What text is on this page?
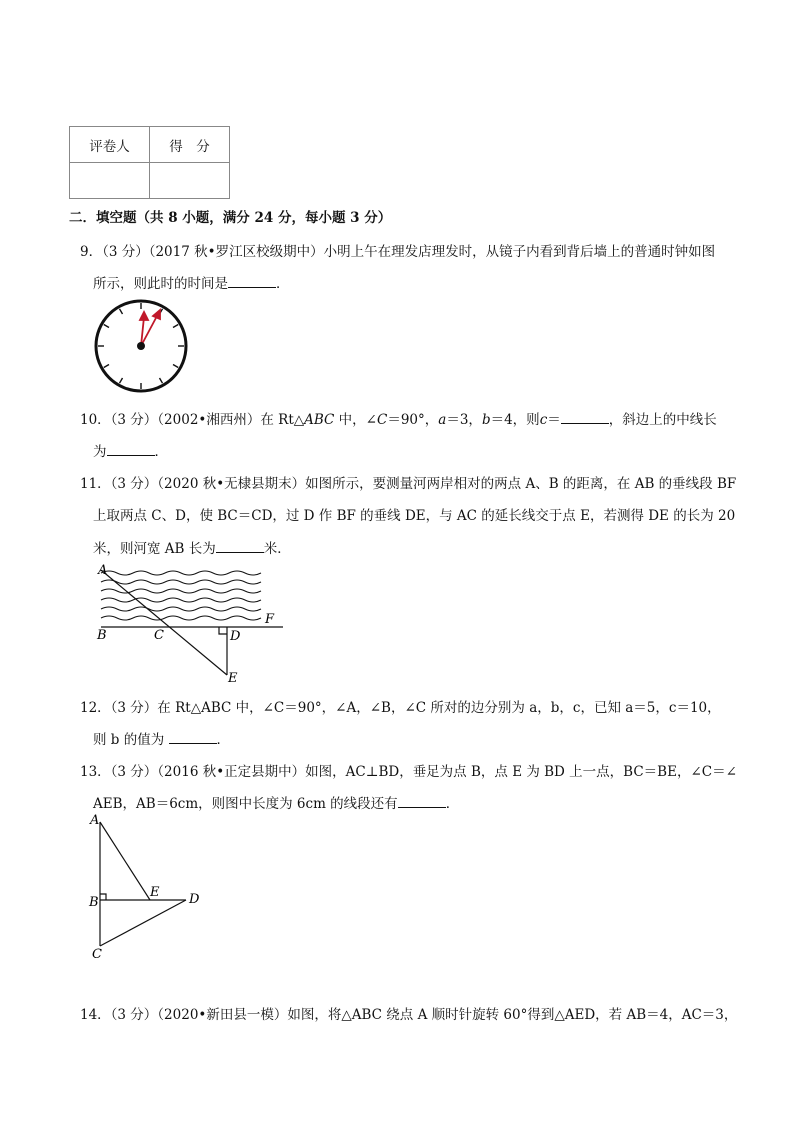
评卷人	得　分

二．填空题（共 8 小题，满分 24 分，每小题 3 分）
9．（3 分）（2017 秋•罗江区校级期中）小明上午在理发店理发时，从镜子内看到背后墙上的普通时钟如图
所示，则此时的时间是	．
10．（3 分）（2002•湘西州）在 Rt△ABC 中，∠C＝90°，a＝3，b＝4，则c＝	，斜边上的中线长
为	．
11．（3 分）（2020 秋•无棣县期末）如图所示，要测量河两岸相对的两点 A、B 的距离，在 AB 的垂线段 BF
上取两点 C、D，使 BC＝CD，过 D 作 BF 的垂线 DE，与 AC 的延长线交于点 E，若测得 DE 的长为 20
米，则河宽 AB 长为	米．
A
B	C	D
E
F
12．（3 分）在 Rt△ABC 中，∠C＝90°，∠A，∠B，∠C 所对的边分别为 a，b，c，已知 a＝5，c＝10，
则 b 的值为	．
13．（3 分）（2016 秋•正定县期中）如图，AC⊥BD，垂足为点 B，点 E 为 BD 上一点，BC＝BE，∠C＝∠
AEB，AB＝6cm，则图中长度为 6cm 的线段还有	．
A
B
C
D
E
14．（3 分）（2020•新田县一模）如图，将△ABC 绕点 A 顺时针旋转 60°得到△AED，若 AB＝4，AC＝3，
